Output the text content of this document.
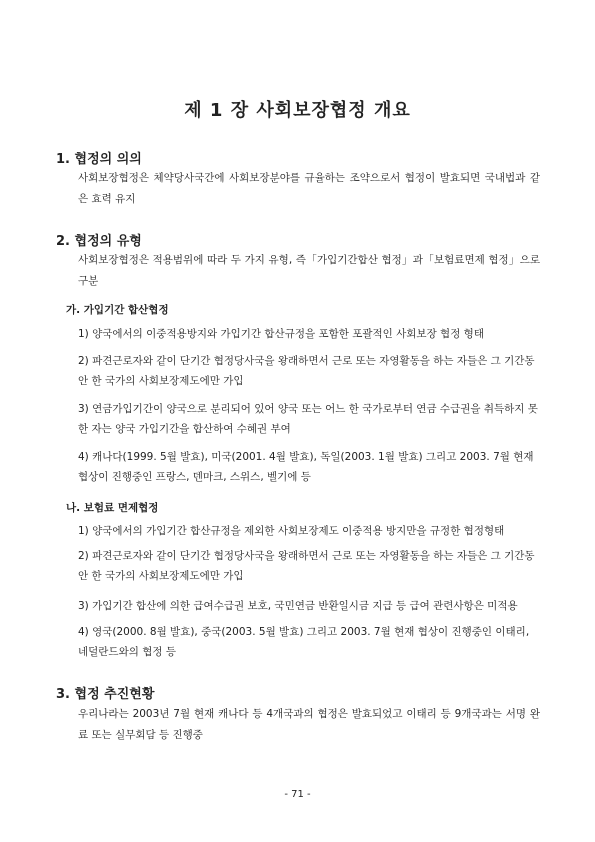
제 1 장 사회보장협정 개요
1. 협정의 의의
사회보장협정은 체약당사국간에 사회보장분야를 규율하는 조약으로서 협정이 발효되면 국내법과 같은 효력 유지
2. 협정의 유형
사회보장협정은 적용범위에 따라 두 가지 유형, 즉「가입기간합산 협정」과「보험료면제 협정」으로 구분
가. 가입기간 합산협정
1) 양국에서의 이중적용방지와 가입기간 합산규정을 포함한 포괄적인 사회보장 협정 형태
2) 파견근로자와 같이 단기간 협정당사국을 왕래하면서 근로 또는 자영활동을 하는 자들은 그 기간동안 한 국가의 사회보장제도에만 가입
3) 연금가입기간이 양국으로 분리되어 있어 양국 또는 어느 한 국가로부터 연금 수급권을 취득하지 못한 자는 양국 가입기간을 합산하여 수혜권 부여
4) 캐나다(1999. 5월 발효), 미국(2001. 4월 발효), 독일(2003. 1월 발효) 그리고 2003. 7월 현재 협상이 진행중인 프랑스, 덴마크, 스위스, 벨기에 등
나. 보험료 면제협정
1) 양국에서의 가입기간 합산규정을 제외한 사회보장제도 이중적용 방지만을 규정한 협정형태
2) 파견근로자와 같이 단기간 협정당사국을 왕래하면서 근로 또는 자영활동을 하는 자들은 그 기간동안 한 국가의 사회보장제도에만 가입
3) 가입기간 합산에 의한 급여수급권 보호, 국민연금 반환일시금 지급 등 급여 관련사항은 미적용
4) 영국(2000. 8월 발효), 중국(2003. 5월 발효) 그리고 2003. 7월 현재 협상이 진행중인 이태리, 네덜란드와의 협정 등
3. 협정 추진현황
우리나라는 2003년 7월 현재 캐나다 등 4개국과의 협정은 발효되었고 이태리 등 9개국과는 서명 완료 또는 실무회담 등 진행중
- 71 -
